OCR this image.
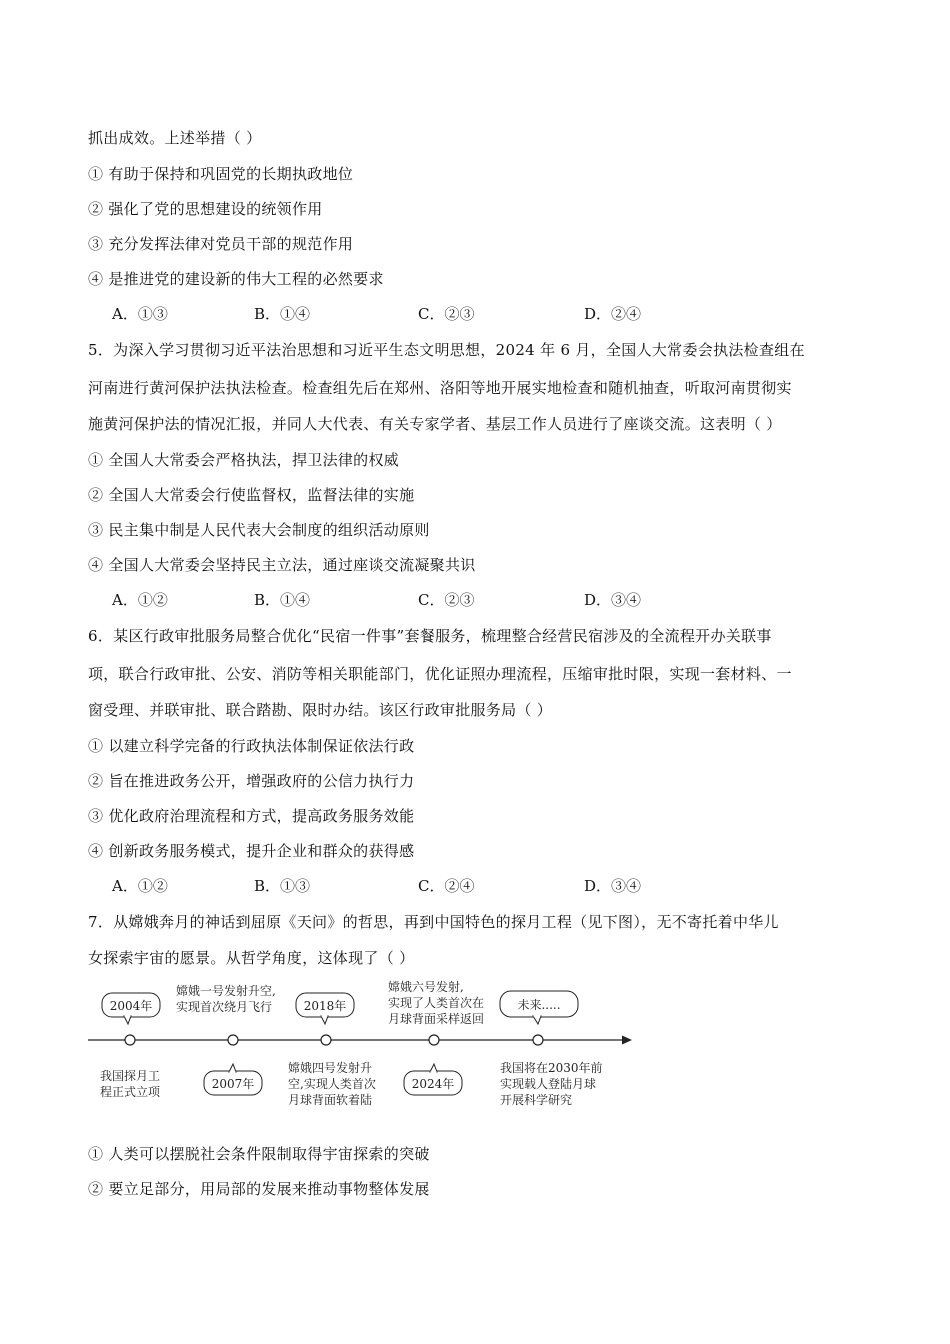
抓出成效。上述举措（ ）
① 有助于保持和巩固党的长期执政地位
② 强化了党的思想建设的统领作用
③ 充分发挥法律对党员干部的规范作用
④ 是推进党的建设新的伟大工程的必然要求
A．①③	B．①④	C．②③	D．②④
5．为深入学习贯彻习近平法治思想和习近平生态文明思想，2024 年 6 月，全国人大常委会执法检查组在
河南进行黄河保护法执法检查。检查组先后在郑州、洛阳等地开展实地检查和随机抽查，听取河南贯彻实
施黄河保护法的情况汇报，并同人大代表、有关专家学者、基层工作人员进行了座谈交流。这表明（ ）
① 全国人大常委会严格执法，捍卫法律的权威
② 全国人大常委会行使监督权，监督法律的实施
③ 民主集中制是人民代表大会制度的组织活动原则
④ 全国人大常委会坚持民主立法，通过座谈交流凝聚共识
A．①②	B．①④	C．②③	D．③④
6．某区行政审批服务局整合优化“民宿一件事”套餐服务，梳理整合经营民宿涉及的全流程开办关联事
项，联合行政审批、公安、消防等相关职能部门，优化证照办理流程，压缩审批时限，实现一套材料、一
窗受理、并联审批、联合踏勘、限时办结。该区行政审批服务局（ ）
① 以建立科学完备的行政执法体制保证依法行政
② 旨在推进政务公开，增强政府的公信力执行力
③ 优化政府治理流程和方式，提高政务服务效能
④ 创新政务服务模式，提升企业和群众的获得感
A．①②	B．①③	C．②④	D．③④
7．从嫦娥奔月的神话到屈原《天问》的哲思，再到中国特色的探月工程（见下图），无不寄托着中华儿
女探索宇宙的愿景。从哲学角度，这体现了（ ）
2004年
我国探月工
程正式立项
嫦娥一号发射升空,
实现首次绕月飞行
2007年
2018年
嫦娥四号发射升
空,实现人类首次
月球背面软着陆
嫦娥六号发射,
实现了人类首次在
月球背面采样返回
2024年
未来.....
我国将在2030年前
实现载人登陆月球
开展科学研究
① 人类可以摆脱社会条件限制取得宇宙探索的突破
② 要立足部分，用局部的发展来推动事物整体发展
